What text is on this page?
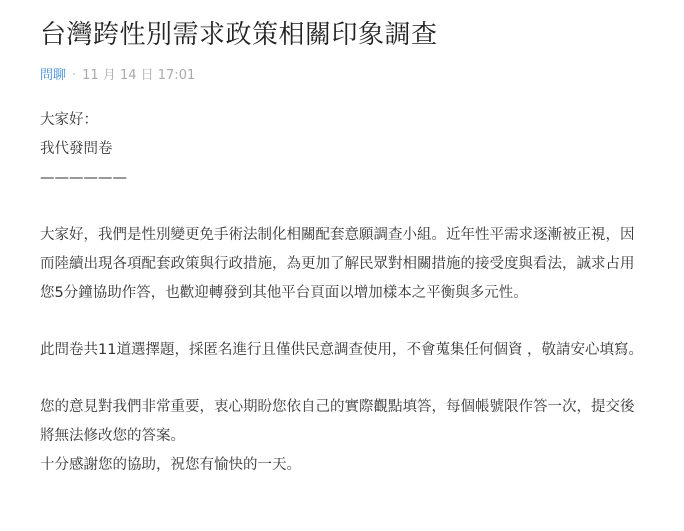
台灣跨性別需求政策相關印象調查
問聊 · 11 月 14 日 17:01

大家好：

我代發問卷

——————

大家好，我們是性別變更免手術法制化相關配套意願調查小組。近年性平需求逐漸被正視，因而陸續出現各項配套政策與行政措施，為更加了解民眾對相關措施的接受度與看法，誠求占用您5分鐘協助作答，也歡迎轉發到其他平台頁面以增加樣本之平衡與多元性。

此問卷共11道選擇題，採匿名進行且僅供民意調查使用，不會蒐集任何個資 ，敬請安心填寫。

您的意見對我們非常重要，衷心期盼您依自己的實際觀點填答，每個帳號限作答一次，提交後將無法修改您的答案。

十分感謝您的協助，祝您有愉快的一天。
